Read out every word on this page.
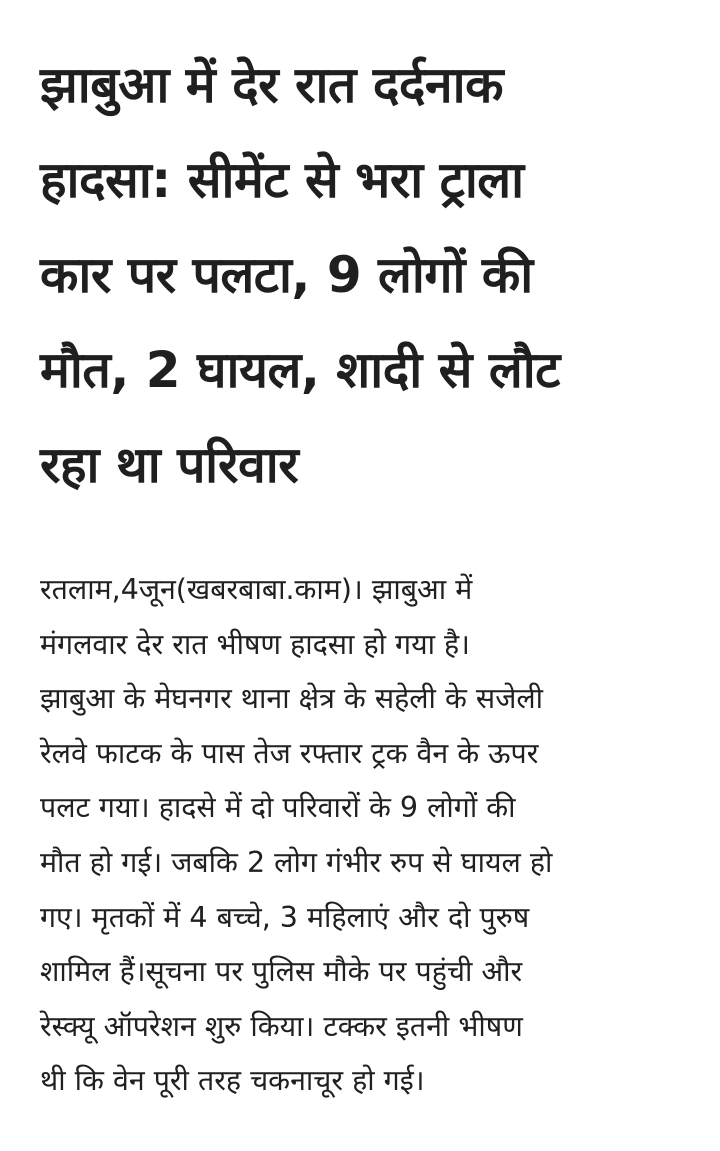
झाबुआ में देर रात दर्दनाक
हादसा: सीमेंट से भरा ट्राला
कार पर पलटा, 9 लोगों की
मौत, 2 घायल, शादी से लौट
रहा था परिवार

रतलाम,4जून(खबरबाबा.काम)। झाबुआ में
मंगलवार देर रात भीषण हादसा हो गया है।
झाबुआ के मेघनगर थाना क्षेत्र के सहेली के सजेली
रेलवे फाटक के पास तेज रफ्तार ट्रक वैन के ऊपर
पलट गया। हादसे में दो परिवारों के 9 लोगों की
मौत हो गई। जबकि 2 लोग गंभीर रुप से घायल हो
गए। मृतकों में 4 बच्चे, 3 महिलाएं और दो पुरुष
शामिल हैं।सूचना पर पुलिस मौके पर पहुंची और
रेस्क्यू ऑपरेशन शुरु किया। टक्कर इतनी भीषण
थी कि वेन पूरी तरह चकनाचूर हो गई।
